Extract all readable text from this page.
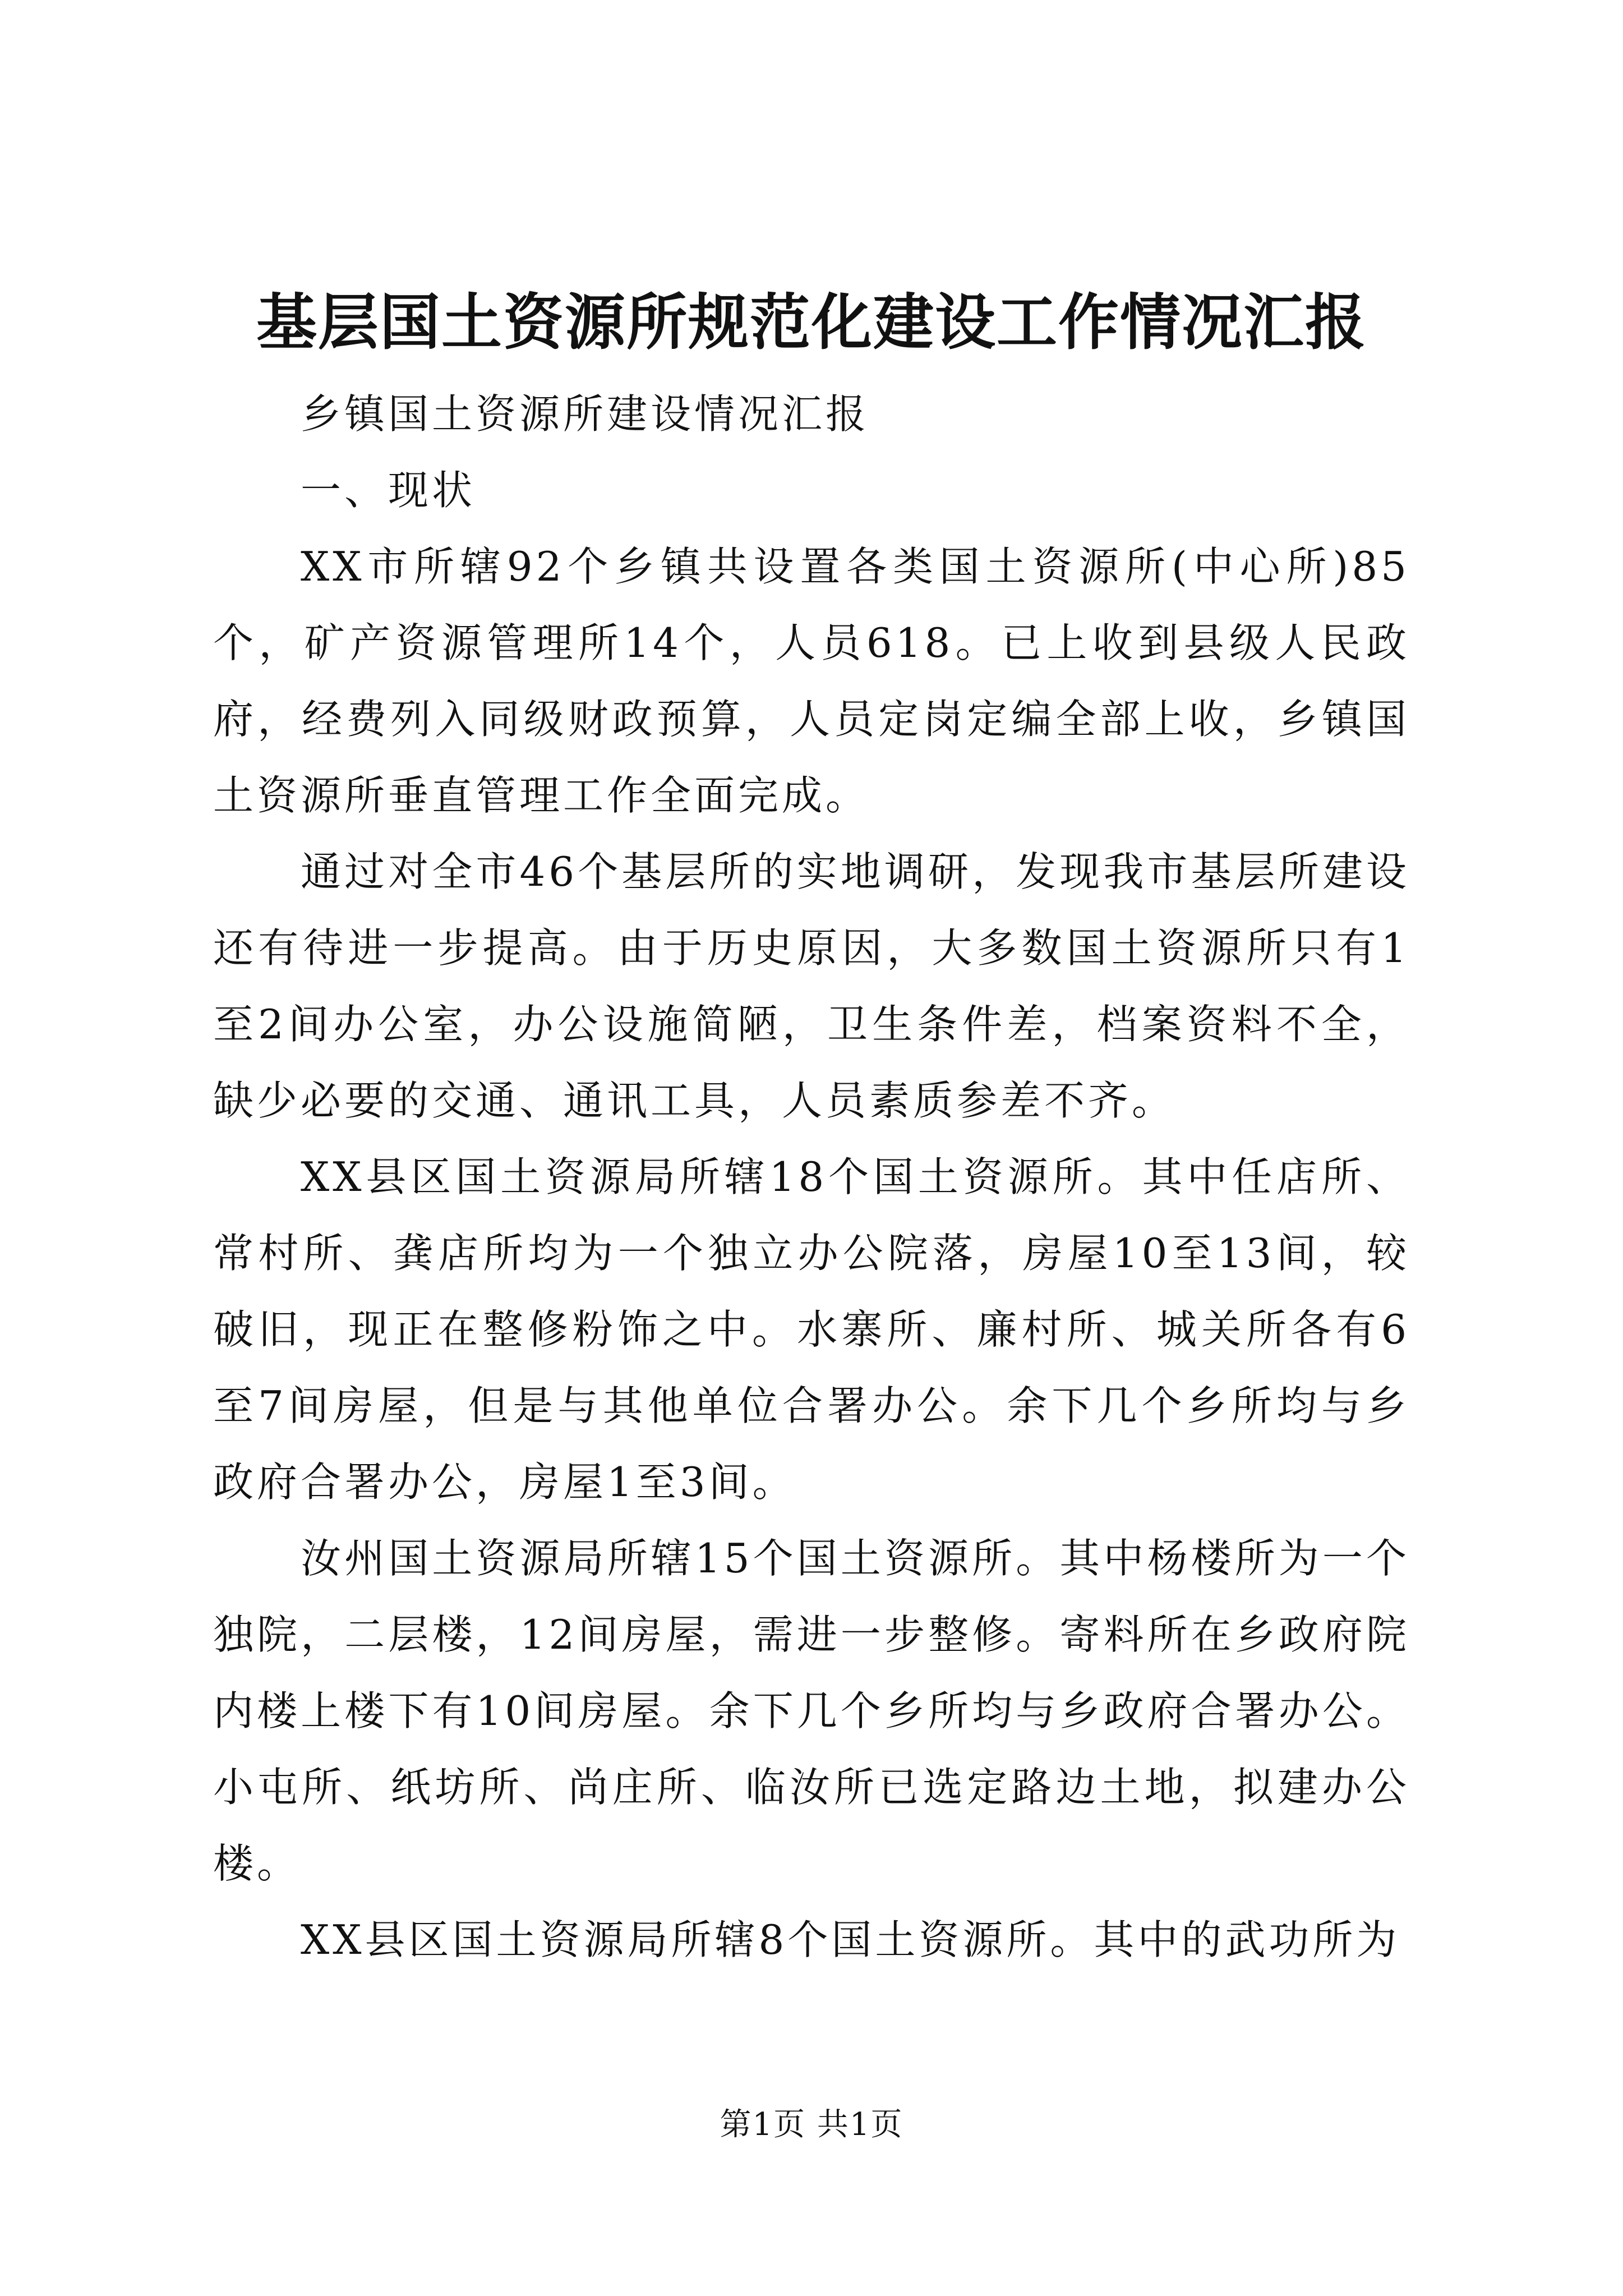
基层国土资源所规范化建设工作情况汇报

乡镇国土资源所建设情况汇报

一、现状

XX市所辖92个乡镇共设置各类国土资源所(中心所)85个，矿产资源管理所14个，人员618。已上收到县级人民政府，经费列入同级财政预算，人员定岗定编全部上收，乡镇国土资源所垂直管理工作全面完成。

通过对全市46个基层所的实地调研，发现我市基层所建设还有待进一步提高。由于历史原因，大多数国土资源所只有1至2间办公室，办公设施简陋，卫生条件差，档案资料不全，缺少必要的交通、通讯工具，人员素质参差不齐。

XX县区国土资源局所辖18个国土资源所。其中任店所、常村所、龚店所均为一个独立办公院落，房屋10至13间，较破旧，现正在整修粉饰之中。水寨所、廉村所、城关所各有6至7间房屋，但是与其他单位合署办公。余下几个乡所均与乡政府合署办公，房屋1至3间。

汝州国土资源局所辖15个国土资源所。其中杨楼所为一个独院，二层楼，12间房屋，需进一步整修。寄料所在乡政府院内楼上楼下有10间房屋。余下几个乡所均与乡政府合署办公。小屯所、纸坊所、尚庄所、临汝所已选定路边土地，拟建办公楼。

XX县区国土资源局所辖8个国土资源所。其中的武功所为

第1页 共1页
